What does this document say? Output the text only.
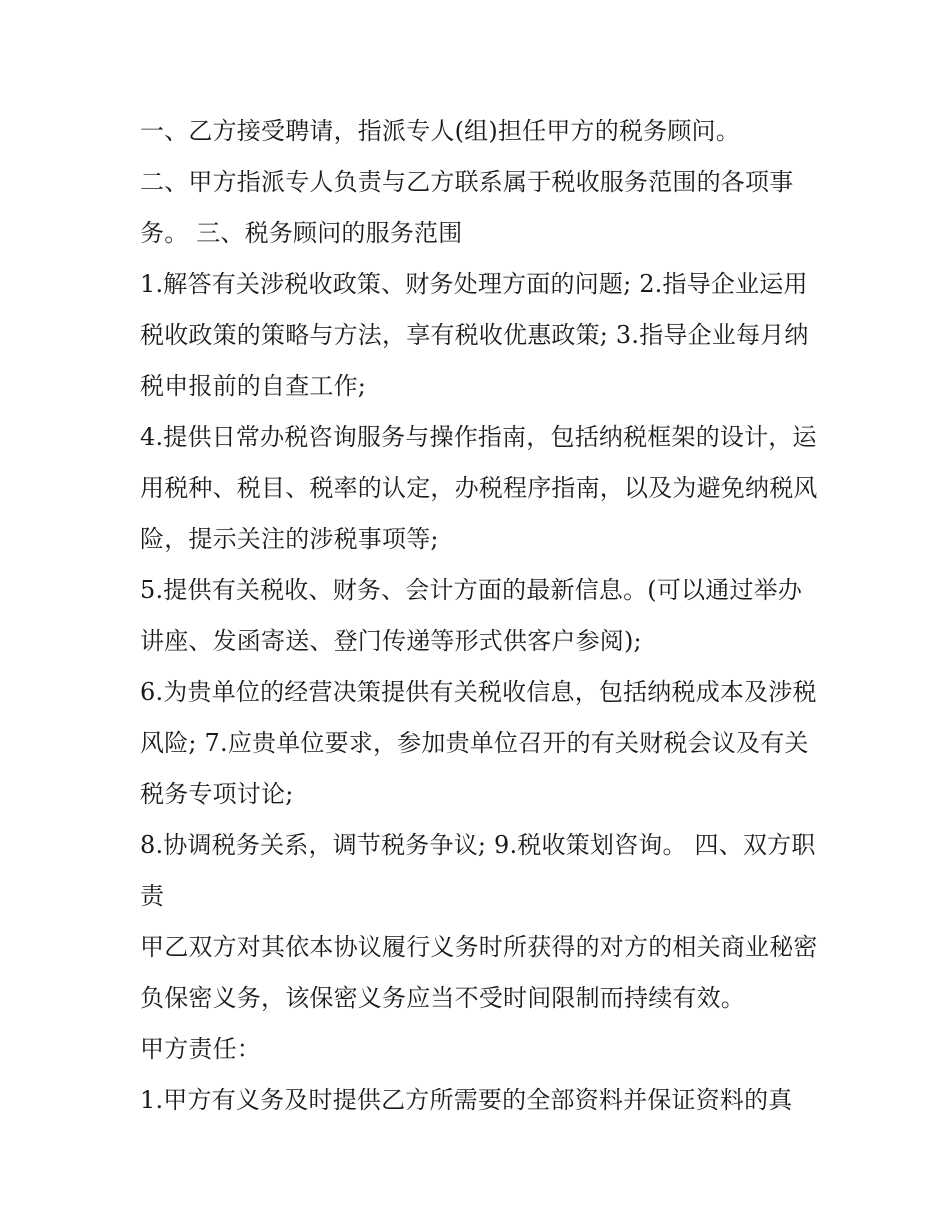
一、乙方接受聘请，指派专人(组)担任甲方的税务顾问。

二、甲方指派专人负责与乙方联系属于税收服务范围的各项事务。 三、税务顾问的服务范围

1.解答有关涉税收政策、财务处理方面的问题; 2.指导企业运用税收政策的策略与方法，享有税收优惠政策; 3.指导企业每月纳税申报前的自查工作;

4.提供日常办税咨询服务与操作指南，包括纳税框架的设计，运用税种、税目、税率的认定，办税程序指南，以及为避免纳税风险，提示关注的涉税事项等;

5.提供有关税收、财务、会计方面的最新信息。(可以通过举办讲座、发函寄送、登门传递等形式供客户参阅);

6.为贵单位的经营决策提供有关税收信息，包括纳税成本及涉税风险; 7.应贵单位要求，参加贵单位召开的有关财税会议及有关税务专项讨论;

8.协调税务关系，调节税务争议; 9.税收策划咨询。 四、双方职责

甲乙双方对其依本协议履行义务时所获得的对方的相关商业秘密负保密义务，该保密义务应当不受时间限制而持续有效。

甲方责任：

1.甲方有义务及时提供乙方所需要的全部资料并保证资料的真
